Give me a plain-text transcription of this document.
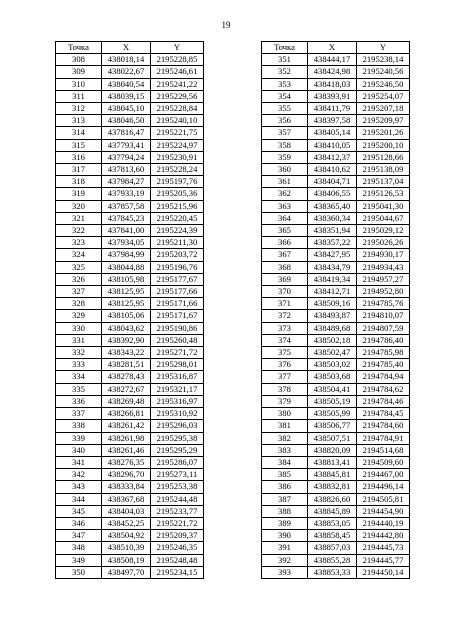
19
Точка	X	Y
308	438018,14	2195228,85
309	438022,67	2195246,61
310	438040,54	2195241,22
311	438039,15	2195229,56
312	438045,10	2195228,84
313	438046,50	2195240,10
314	437816,47	2195221,75
315	437793,41	2195224,97
316	437794,24	2195230,91
317	437813,60	2195228,24
318	437984,27	2195197,76
319	437933,19	2195205,36
320	437857,58	2195215,96
321	437845,23	2195220,45
322	437841,00	2195224,39
323	437934,05	2195211,30
324	437984,99	2195203,72
325	438044,88	2195196,76
326	438105,98	2195177,67
327	438125,95	2195177,66
328	438125,95	2195171,66
329	438105,06	2195171,67
330	438043,62	2195190,86
331	438392,90	2195260,48
332	438343,22	2195271,72
333	438281,51	2195298,01
334	438278,43	2195316,87
335	438272,67	2195321,17
336	438269,48	2195316,97
337	438266,81	2195310,92
338	438261,42	2195296,03
339	438261,98	2195295,38
340	438261,46	2195295,29
341	438276,35	2195286,07
342	438296,70	2195273,11
343	438333,84	2195253,38
344	438367,68	2195244,48
345	438404,03	2195233,77
346	438452,25	2195221,72
347	438504,92	2195209,37
348	438510,39	2195246,35
349	438508,19	2195248,48
350	438497,70	2195234,15
Точка	X	Y
351	438444,17	2195238,14
352	438424,98	2195240,56
353	438418,03	2195246,50
354	438393,91	2195254,07
355	438411,79	2195207,18
356	438397,58	2195209,97
357	438405,14	2195201,26
358	438410,05	2195200,10
359	438412,37	2195128,66
360	438410,62	2195138,09
361	438404,71	2195137,04
362	438406,55	2195126,53
363	438365,40	2195041,30
364	438360,34	2195044,67
365	438351,94	2195029,12
366	438357,22	2195026,26
367	438427,95	2194930,17
368	438434,79	2194934,43
369	438419,34	2194957,27
370	438412,71	2194952,80
371	438509,16	2194785,76
372	438493,87	2194810,07
373	438489,68	2194807,59
374	438502,18	2194786,40
375	438502,47	2194785,98
376	438503,02	2194785,40
377	438503,68	2194784,94
378	438504,41	2194784,62
379	438505,19	2194784,46
380	438505,99	2194784,45
381	438506,77	2194784,60
382	438507,51	2194784,91
383	438820,09	2194514,68
384	438813,41	2194509,60
385	438845,81	2194467,00
386	438832,81	2194496,14
387	438826,60	2194505,81
388	438845,89	2194454,90
389	438853,05	2194440,19
390	438858,45	2194442,80
391	438857,03	2194445,73
392	438855,28	2194445,77
393	438853,33	2194450,14
